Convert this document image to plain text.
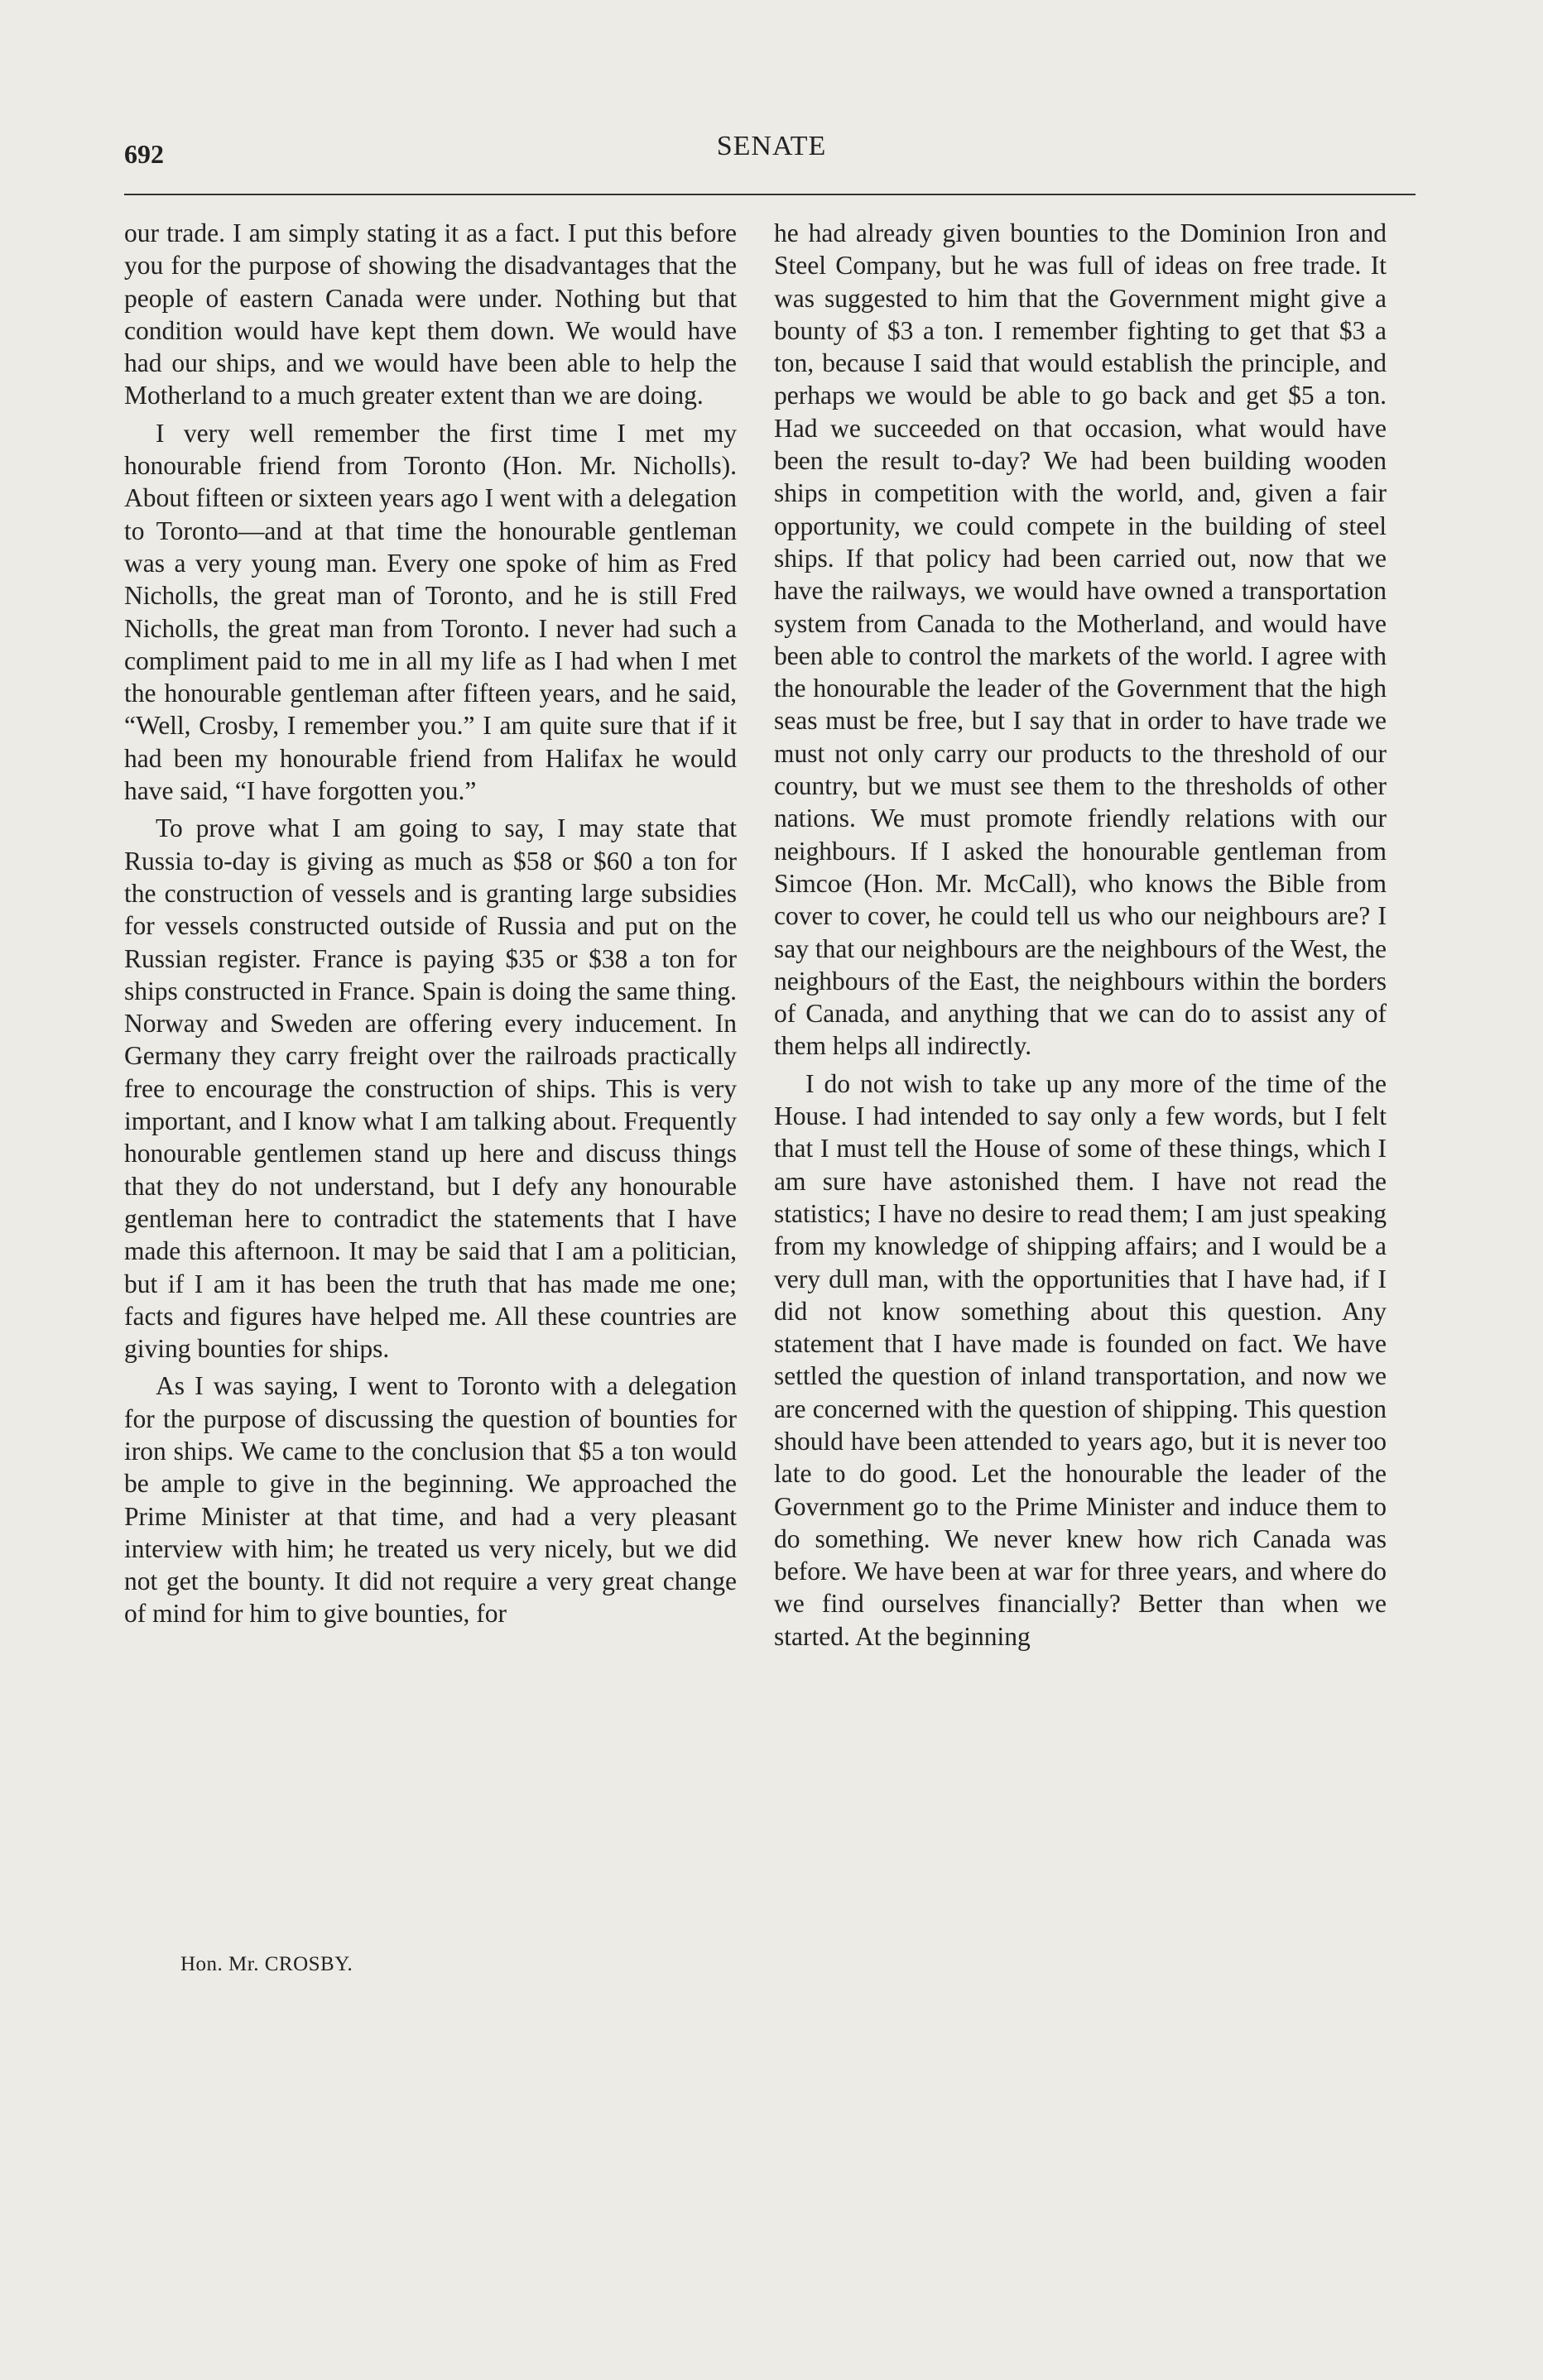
692	SENATE

our trade. I am simply stating it as a fact. I put this before you for the purpose of showing the disadvantages that the people of eastern Canada were under. Nothing but that condition would have kept them down. We would have had our ships, and we would have been able to help the Motherland to a much greater extent than we are doing.

I very well remember the first time I met my honourable friend from Toronto (Hon. Mr. Nicholls). About fifteen or sixteen years ago I went with a delegation to Toronto—and at that time the honourable gentleman was a very young man. Every one spoke of him as Fred Nicholls, the great man of Toronto, and he is still Fred Nicholls, the great man from Toronto. I never had such a compliment paid to me in all my life as I had when I met the honourable gentleman after fifteen years, and he said, “Well, Crosby, I remember you.” I am quite sure that if it had been my honourable friend from Halifax he would have said, “I have forgotten you.”

To prove what I am going to say, I may state that Russia to-day is giving as much as $58 or $60 a ton for the construction of vessels and is granting large subsidies for vessels constructed outside of Russia and put on the Russian register. France is paying $35 or $38 a ton for ships constructed in France. Spain is doing the same thing. Norway and Sweden are offering every inducement. In Germany they carry freight over the railroads practically free to encourage the construction of ships. This is very important, and I know what I am talking about. Frequently honourable gentlemen stand up here and discuss things that they do not understand, but I defy any honourable gentleman here to contradict the statements that I have made this afternoon. It may be said that I am a politician, but if I am it has been the truth that has made me one; facts and figures have helped me. All these countries are giving bounties for ships.

As I was saying, I went to Toronto with a delegation for the purpose of discussing the question of bounties for iron ships. We came to the conclusion that $5 a ton would be ample to give in the beginning. We approached the Prime Minister at that time, and had a very pleasant interview with him; he treated us very nicely, but we did not get the bounty. It did not require a very great change of mind for him to give bounties, for

he had already given bounties to the Dominion Iron and Steel Company, but he was full of ideas on free trade. It was suggested to him that the Government might give a bounty of $3 a ton. I remember fighting to get that $3 a ton, because I said that would establish the principle, and perhaps we would be able to go back and get $5 a ton. Had we succeeded on that occasion, what would have been the result to-day? We had been building wooden ships in competition with the world, and, given a fair opportunity, we could compete in the building of steel ships. If that policy had been carried out, now that we have the railways, we would have owned a transportation system from Canada to the Motherland, and would have been able to control the markets of the world. I agree with the honourable the leader of the Government that the high seas must be free, but I say that in order to have trade we must not only carry our products to the threshold of our country, but we must see them to the thresholds of other nations. We must promote friendly relations with our neighbours. If I asked the honourable gentleman from Simcoe (Hon. Mr. McCall), who knows the Bible from cover to cover, he could tell us who our neighbours are? I say that our neighbours are the neighbours of the West, the neighbours of the East, the neighbours within the borders of Canada, and anything that we can do to assist any of them helps all indirectly.

I do not wish to take up any more of the time of the House. I had intended to say only a few words, but I felt that I must tell the House of some of these things, which I am sure have astonished them. I have not read the statistics; I have no desire to read them; I am just speaking from my knowledge of shipping affairs; and I would be a very dull man, with the opportunities that I have had, if I did not know something about this question. Any statement that I have made is founded on fact. We have settled the question of inland transportation, and now we are concerned with the question of shipping. This question should have been attended to years ago, but it is never too late to do good. Let the honourable the leader of the Government go to the Prime Minister and induce them to do something. We never knew how rich Canada was before. We have been at war for three years, and where do we find ourselves financially? Better than when we started. At the beginning

Hon. Mr. CROSBY.
